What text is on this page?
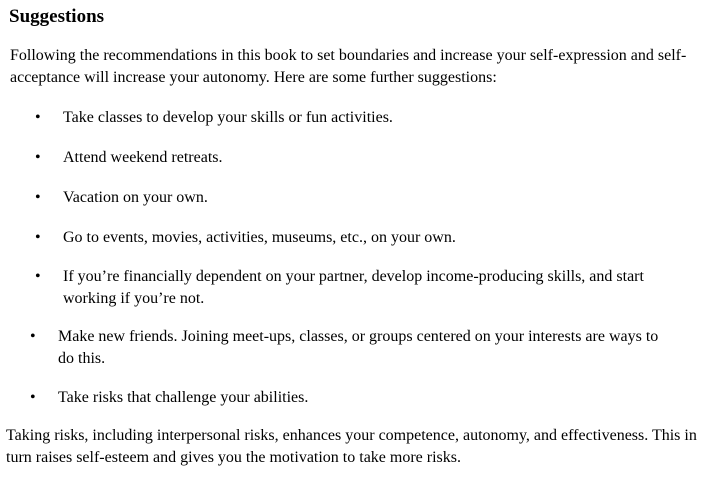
Suggestions

Following the recommendations in this book to set boundaries and increase your self-expression and self-acceptance will increase your autonomy. Here are some further suggestions:

• Take classes to develop your skills or fun activities.
• Attend weekend retreats.
• Vacation on your own.
• Go to events, movies, activities, museums, etc., on your own.
• If you’re financially dependent on your partner, develop income-producing skills, and start working if you’re not.
• Make new friends. Joining meet-ups, classes, or groups centered on your interests are ways to do this.
• Take risks that challenge your abilities.

Taking risks, including interpersonal risks, enhances your competence, autonomy, and effectiveness. This in turn raises self-esteem and gives you the motivation to take more risks.
